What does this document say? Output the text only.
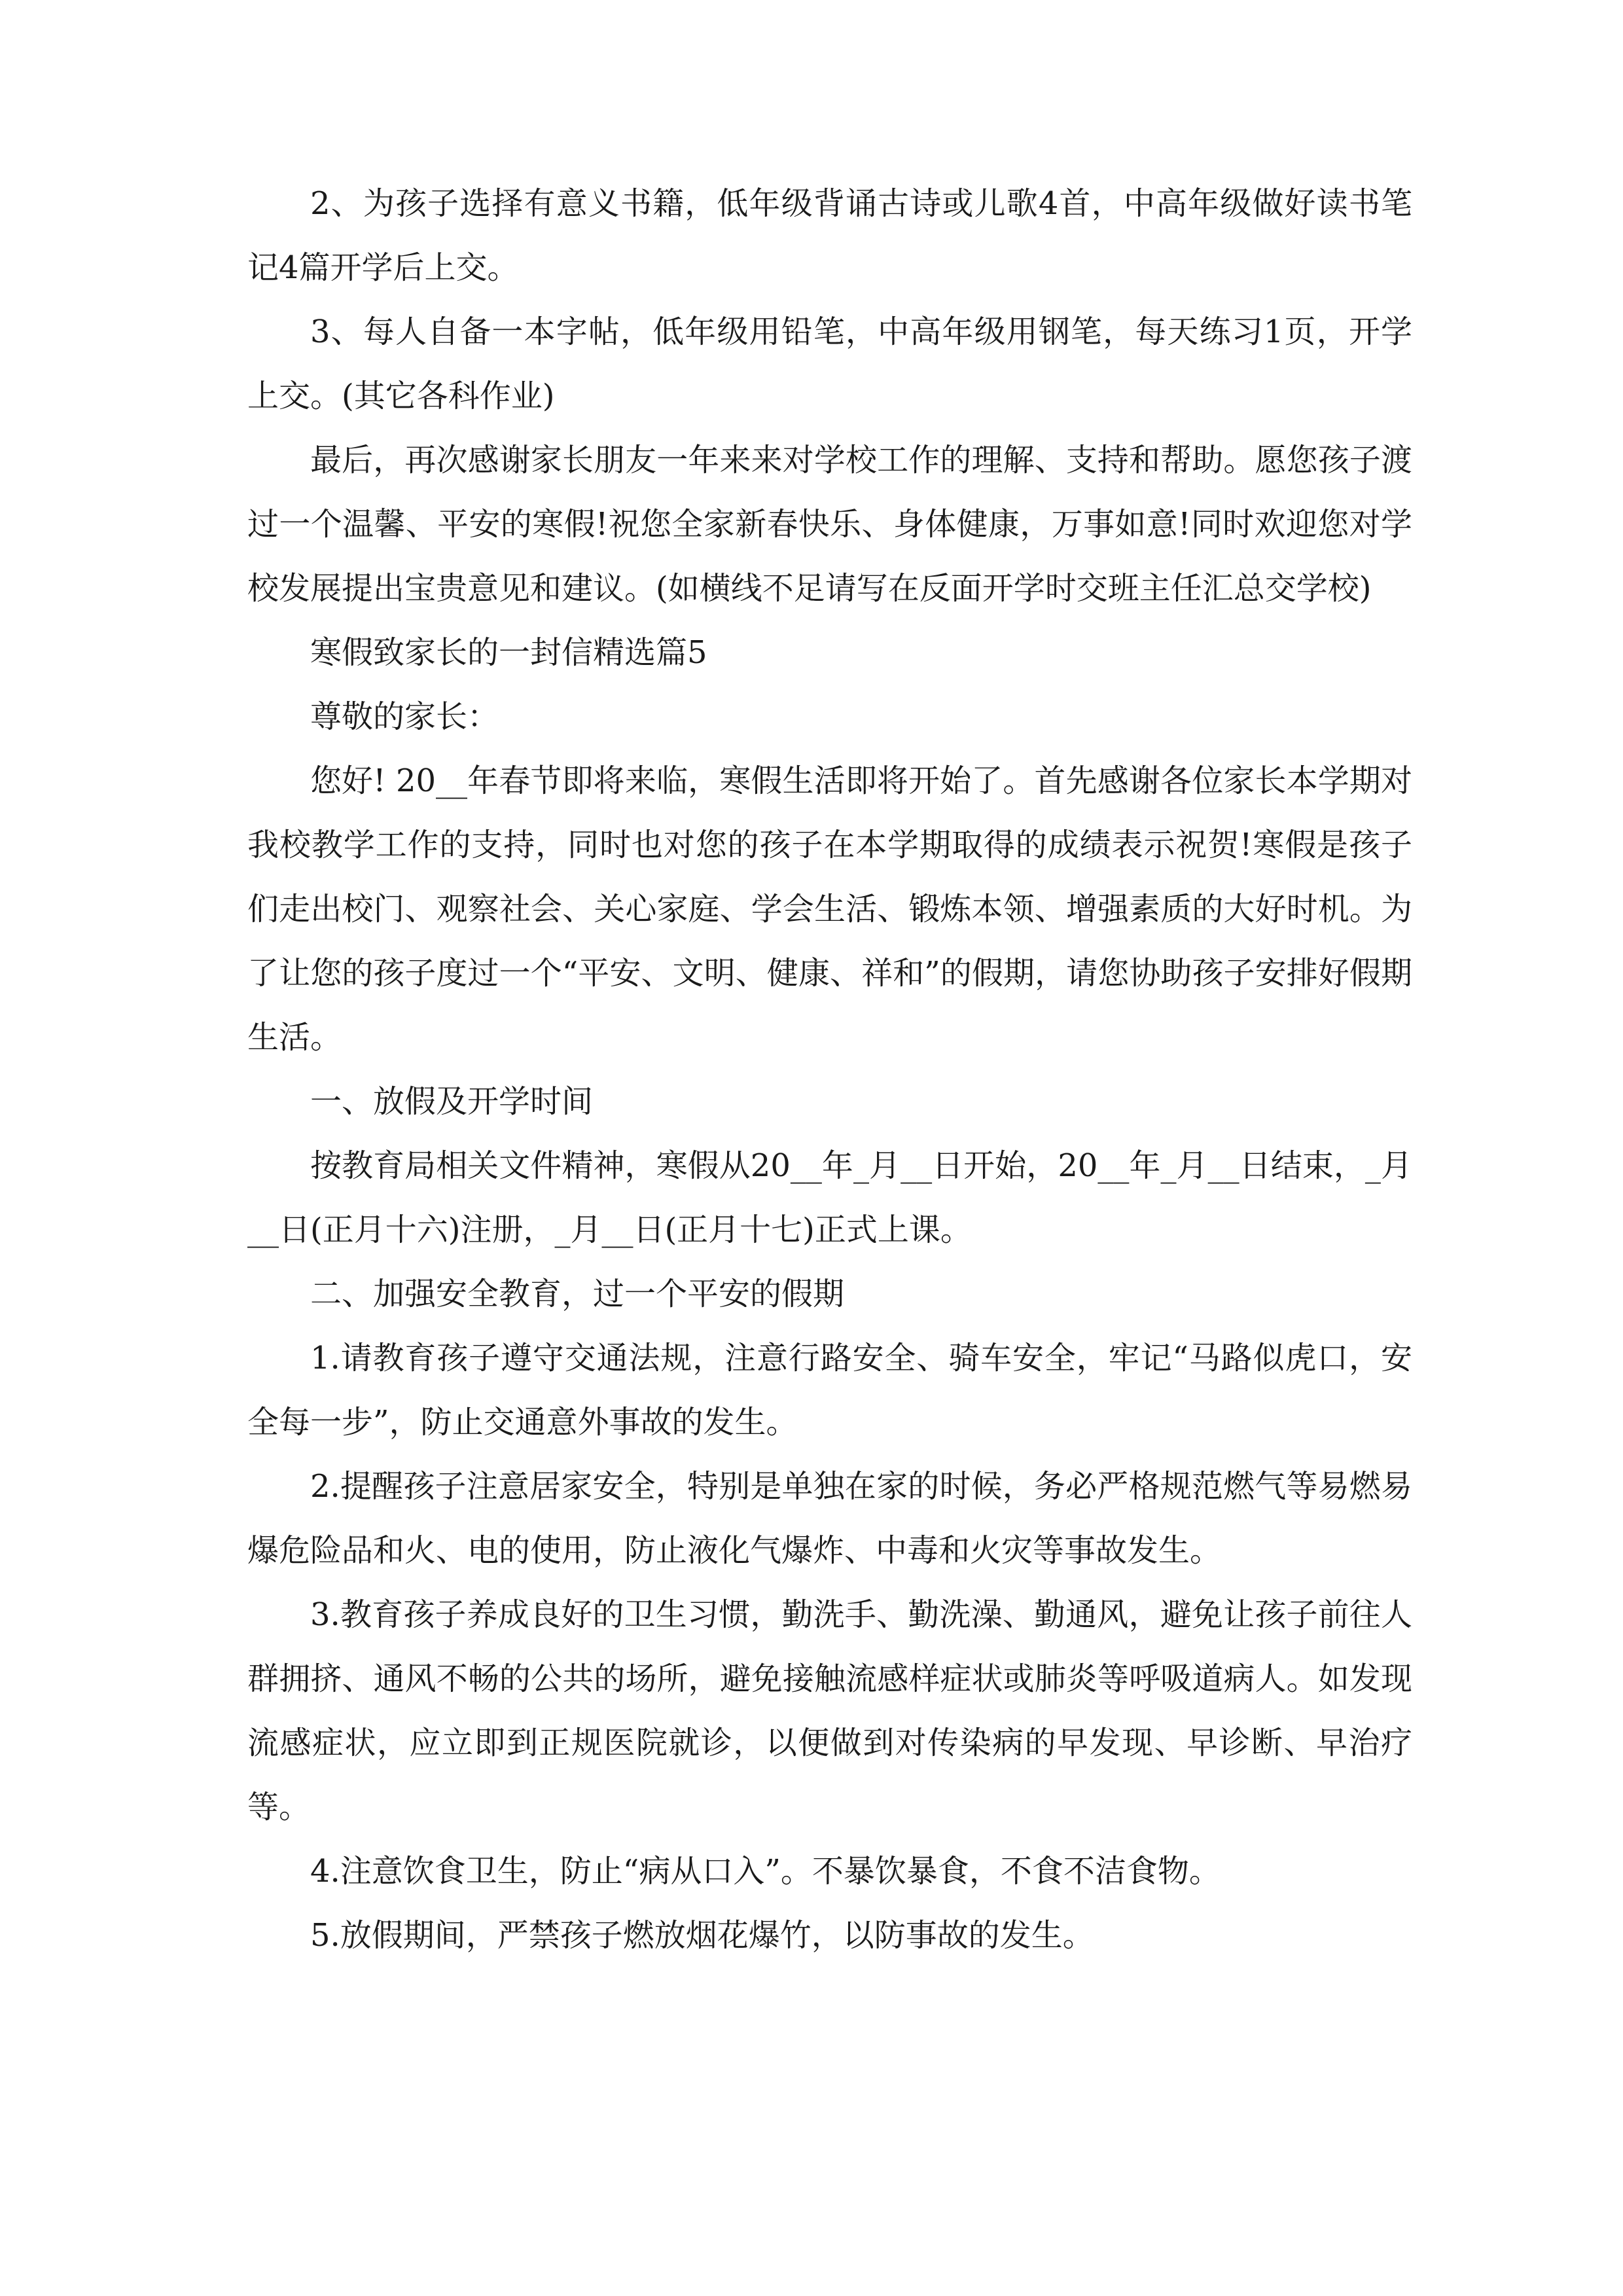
2、为孩子选择有意义书籍，低年级背诵古诗或儿歌4首，中高年级做好读书笔记4篇开学后上交。

3、每人自备一本字帖，低年级用铅笔，中高年级用钢笔，每天练习1页，开学上交。(其它各科作业)

最后，再次感谢家长朋友一年来来对学校工作的理解、支持和帮助。愿您孩子渡过一个温馨、平安的寒假!祝您全家新春快乐、身体健康，万事如意!同时欢迎您对学校发展提出宝贵意见和建议。(如横线不足请写在反面开学时交班主任汇总交学校)

寒假致家长的一封信精选篇5

尊敬的家长：

您好! 20__年春节即将来临，寒假生活即将开始了。首先感谢各位家长本学期对我校教学工作的支持，同时也对您的孩子在本学期取得的成绩表示祝贺!寒假是孩子们走出校门、观察社会、关心家庭、学会生活、锻炼本领、增强素质的大好时机。为了让您的孩子度过一个“平安、文明、健康、祥和”的假期，请您协助孩子安排好假期生活。

一、放假及开学时间

按教育局相关文件精神，寒假从20__年_月__日开始，20__年_月__日结束，_月__日(正月十六)注册，_月__日(正月十七)正式上课。

二、加强安全教育，过一个平安的假期

1.请教育孩子遵守交通法规，注意行路安全、骑车安全，牢记“马路似虎口，安全每一步”，防止交通意外事故的发生。

2.提醒孩子注意居家安全，特别是单独在家的时候，务必严格规范燃气等易燃易爆危险品和火、电的使用，防止液化气爆炸、中毒和火灾等事故发生。

3.教育孩子养成良好的卫生习惯，勤洗手、勤洗澡、勤通风，避免让孩子前往人群拥挤、通风不畅的公共的场所，避免接触流感样症状或肺炎等呼吸道病人。如发现流感症状，应立即到正规医院就诊，以便做到对传染病的早发现、早诊断、早治疗等。

4.注意饮食卫生，防止“病从口入”。不暴饮暴食，不食不洁食物。

5.放假期间，严禁孩子燃放烟花爆竹，以防事故的发生。
